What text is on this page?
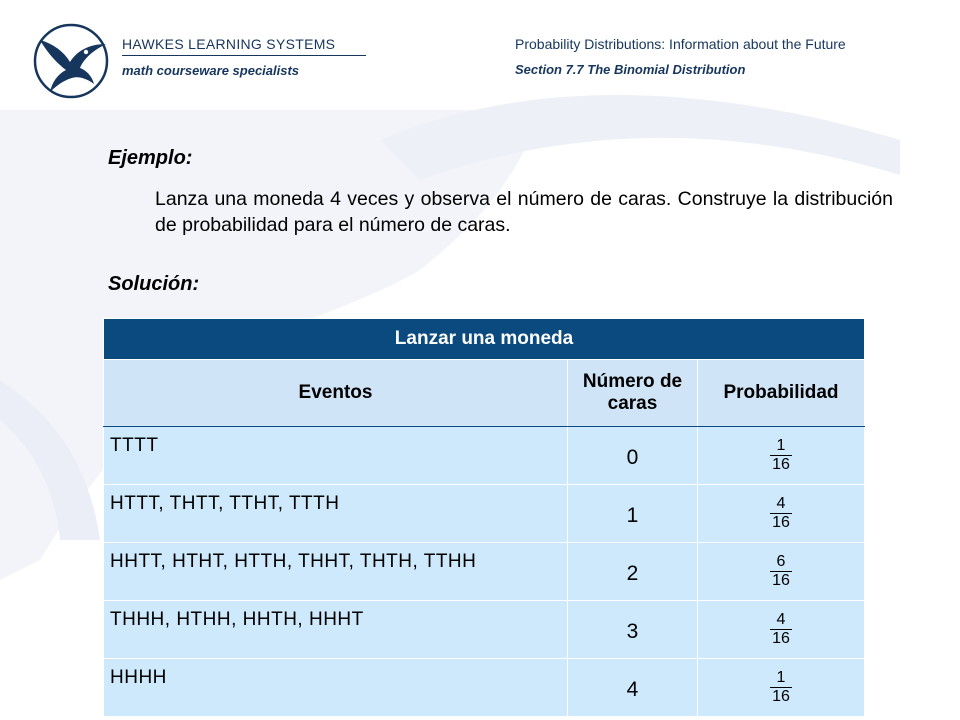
HAWKES LEARNING SYSTEMS
math courseware specialists
Probability Distributions: Information about the Future
Section 7.7 The Binomial Distribution
Ejemplo:
Lanza una moneda 4 veces y observa el número de caras. Construye la distribución de probabilidad para el número de caras.
Solución:
Lanzar una moneda		
Eventos	Número de caras	Probabilidad
TTTT	0	$\frac{1}{16}$

HTTT, THTT, TTHT, TTTH	1	$\frac{4}{16}$

HHTT, HTHT, HTTH, THHT, THTH, TTHH	2	$\frac{6}{16}$

THHH, HTHH, HHTH, HHHT	3	$\frac{4}{16}$

HHHH	4	$\frac{1}{16}$
